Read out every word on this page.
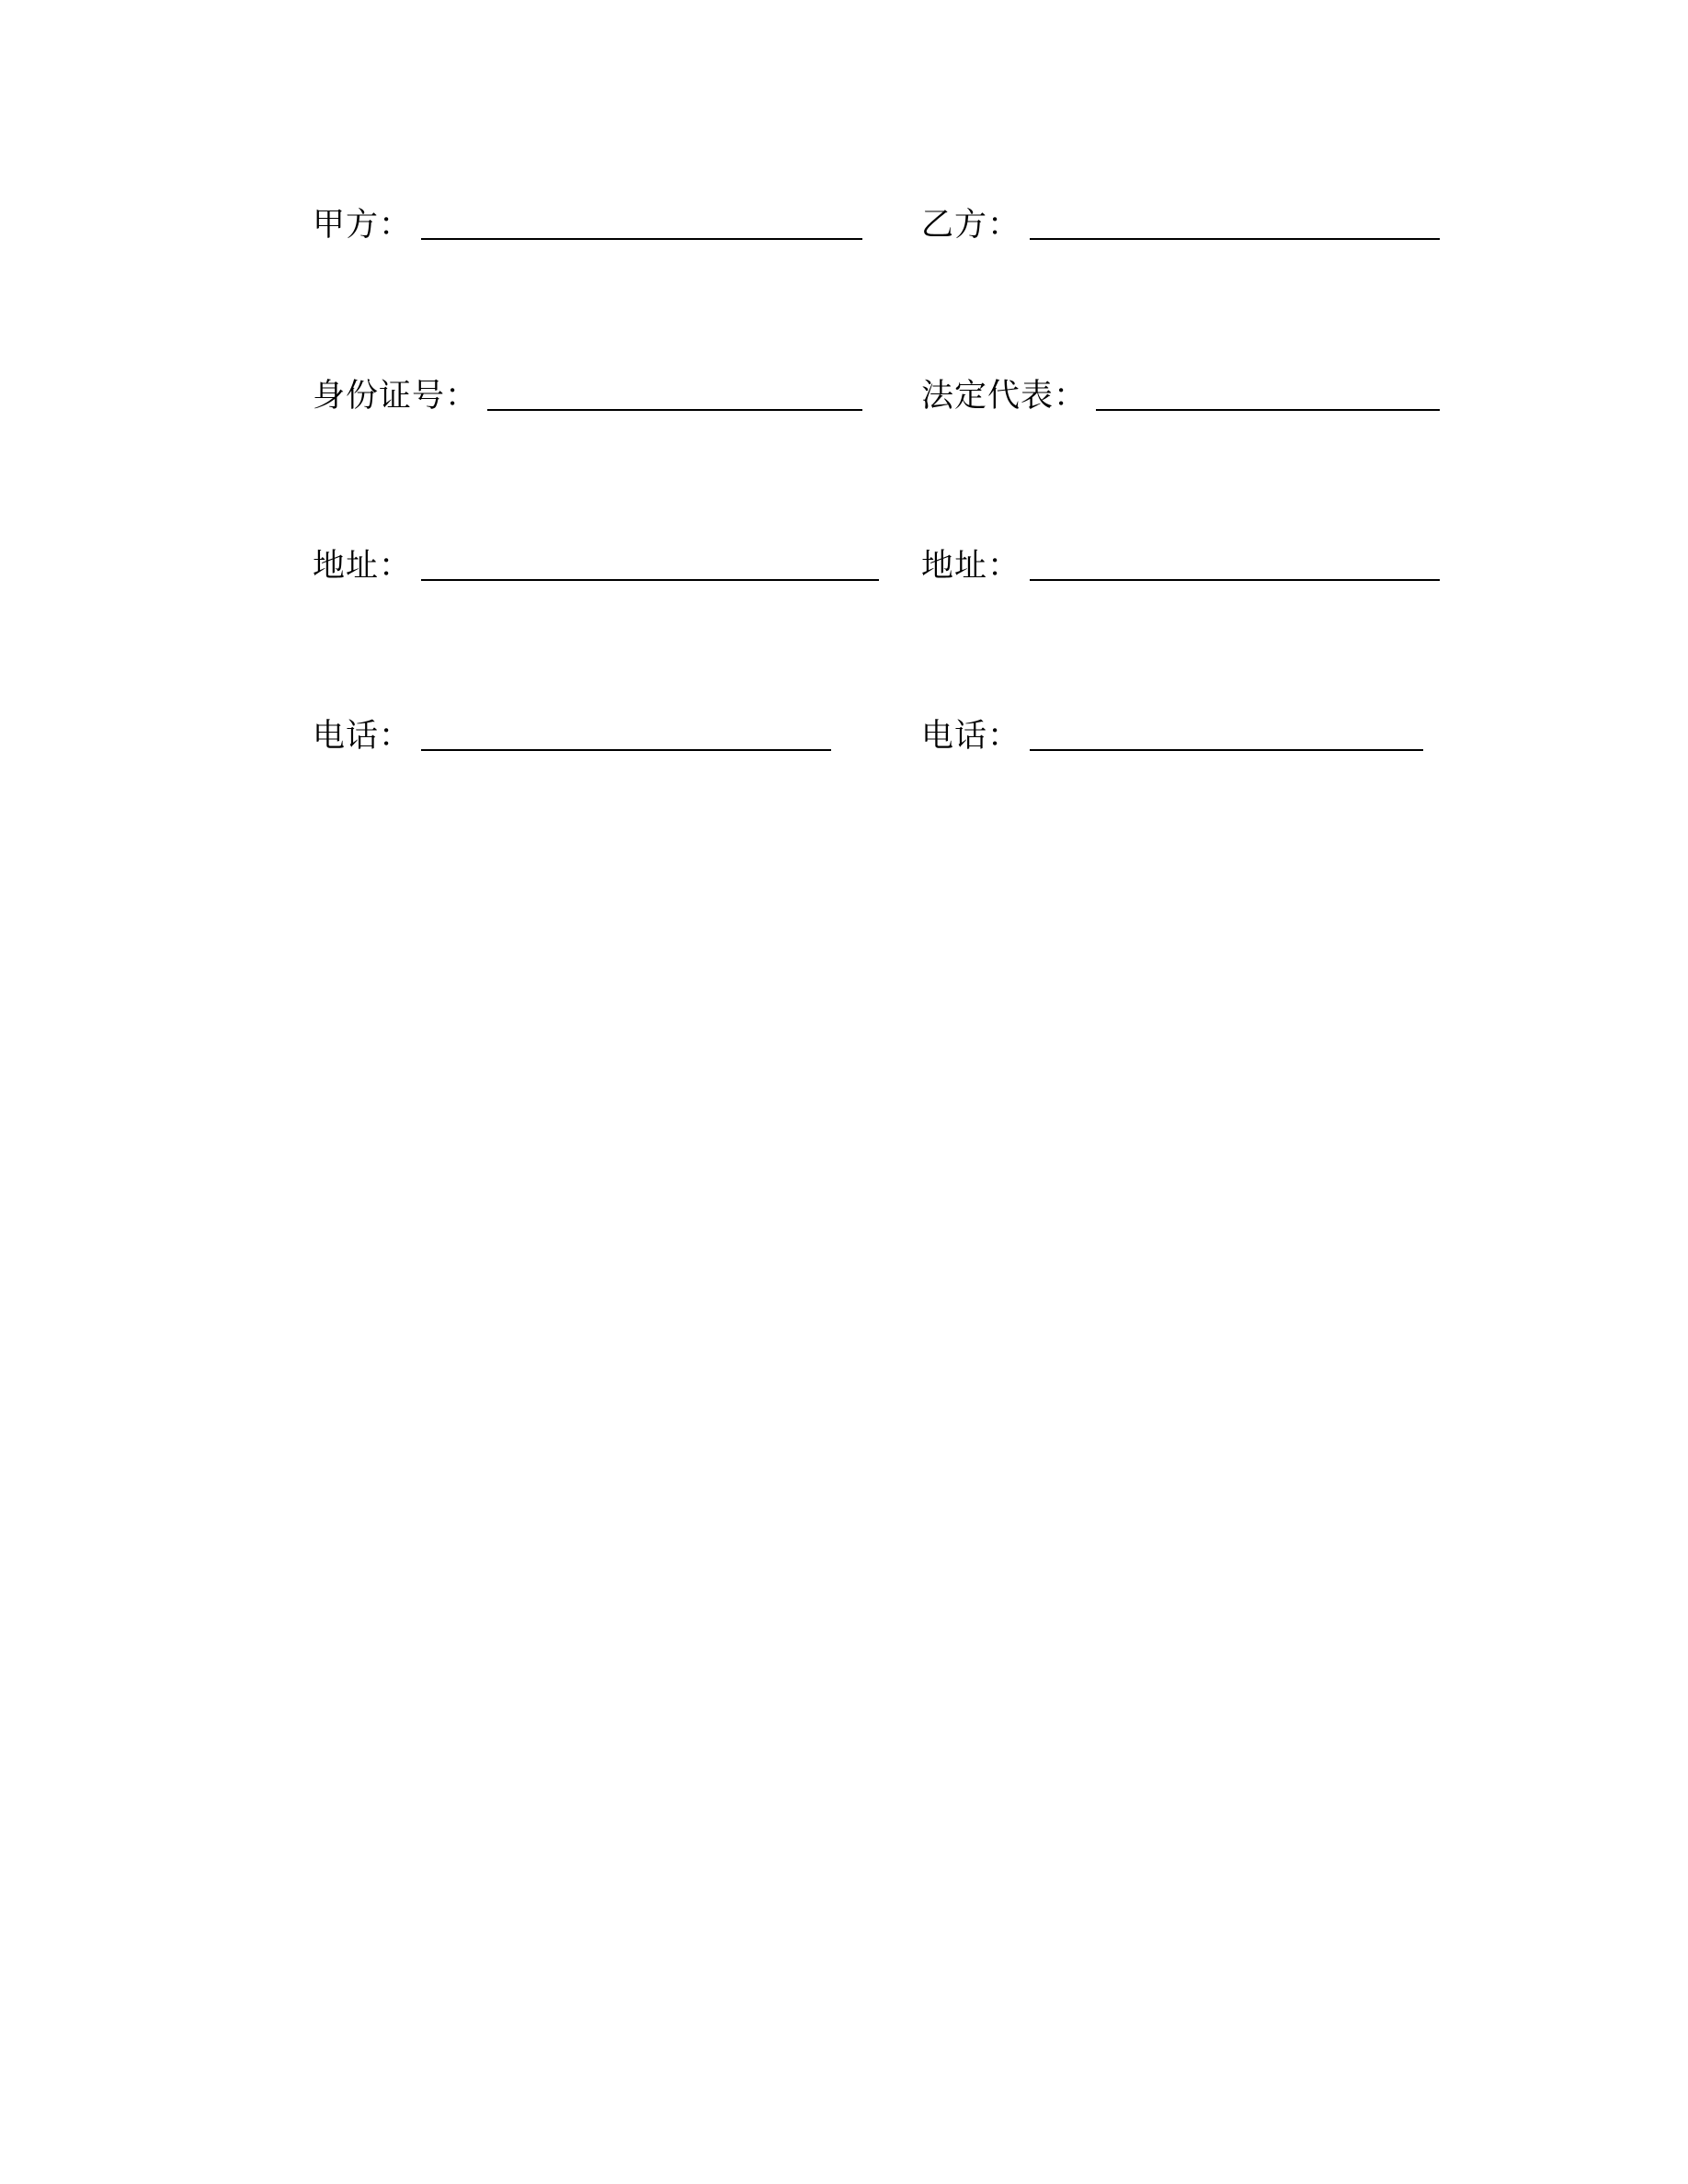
甲方：	乙方：
身份证号：	法定代表：
地址：	地址：
电话：	电话：
